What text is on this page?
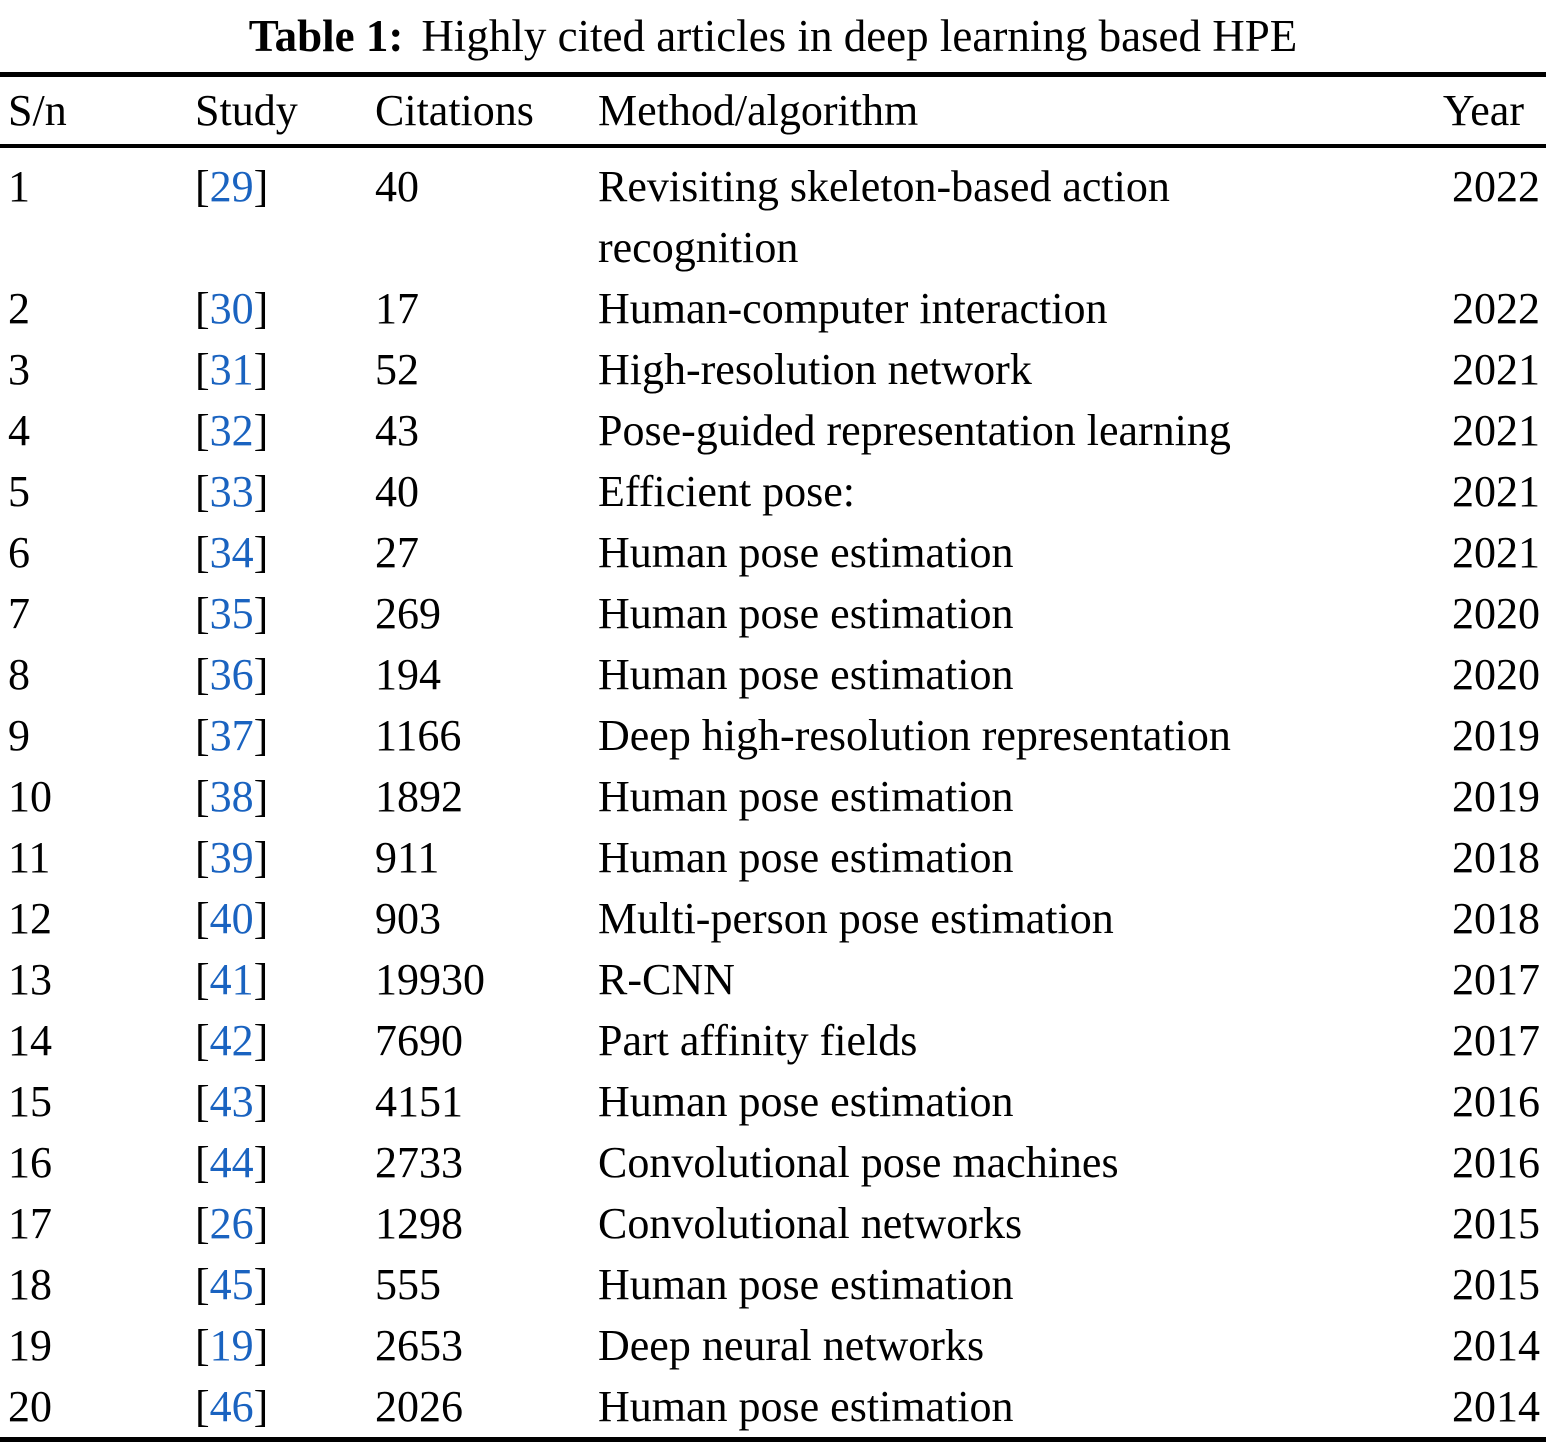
Table 1: Highly cited articles in deep learning based HPE
S/n	Study	Citations	Method/algorithm	Year
1	[29]	40	Revisiting skeleton-based action recognition	2022
2	[30]	17	Human-computer interaction	2022
3	[31]	52	High-resolution network	2021
4	[32]	43	Pose-guided representation learning	2021
5	[33]	40	Efficient pose:	2021
6	[34]	27	Human pose estimation	2021
7	[35]	269	Human pose estimation	2020
8	[36]	194	Human pose estimation	2020
9	[37]	1166	Deep high-resolution representation	2019
10	[38]	1892	Human pose estimation	2019
11	[39]	911	Human pose estimation	2018
12	[40]	903	Multi-person pose estimation	2018
13	[41]	19930	R-CNN	2017
14	[42]	7690	Part affinity fields	2017
15	[43]	4151	Human pose estimation	2016
16	[44]	2733	Convolutional pose machines	2016
17	[26]	1298	Convolutional networks	2015
18	[45]	555	Human pose estimation	2015
19	[19]	2653	Deep neural networks	2014
20	[46]	2026	Human pose estimation	2014
